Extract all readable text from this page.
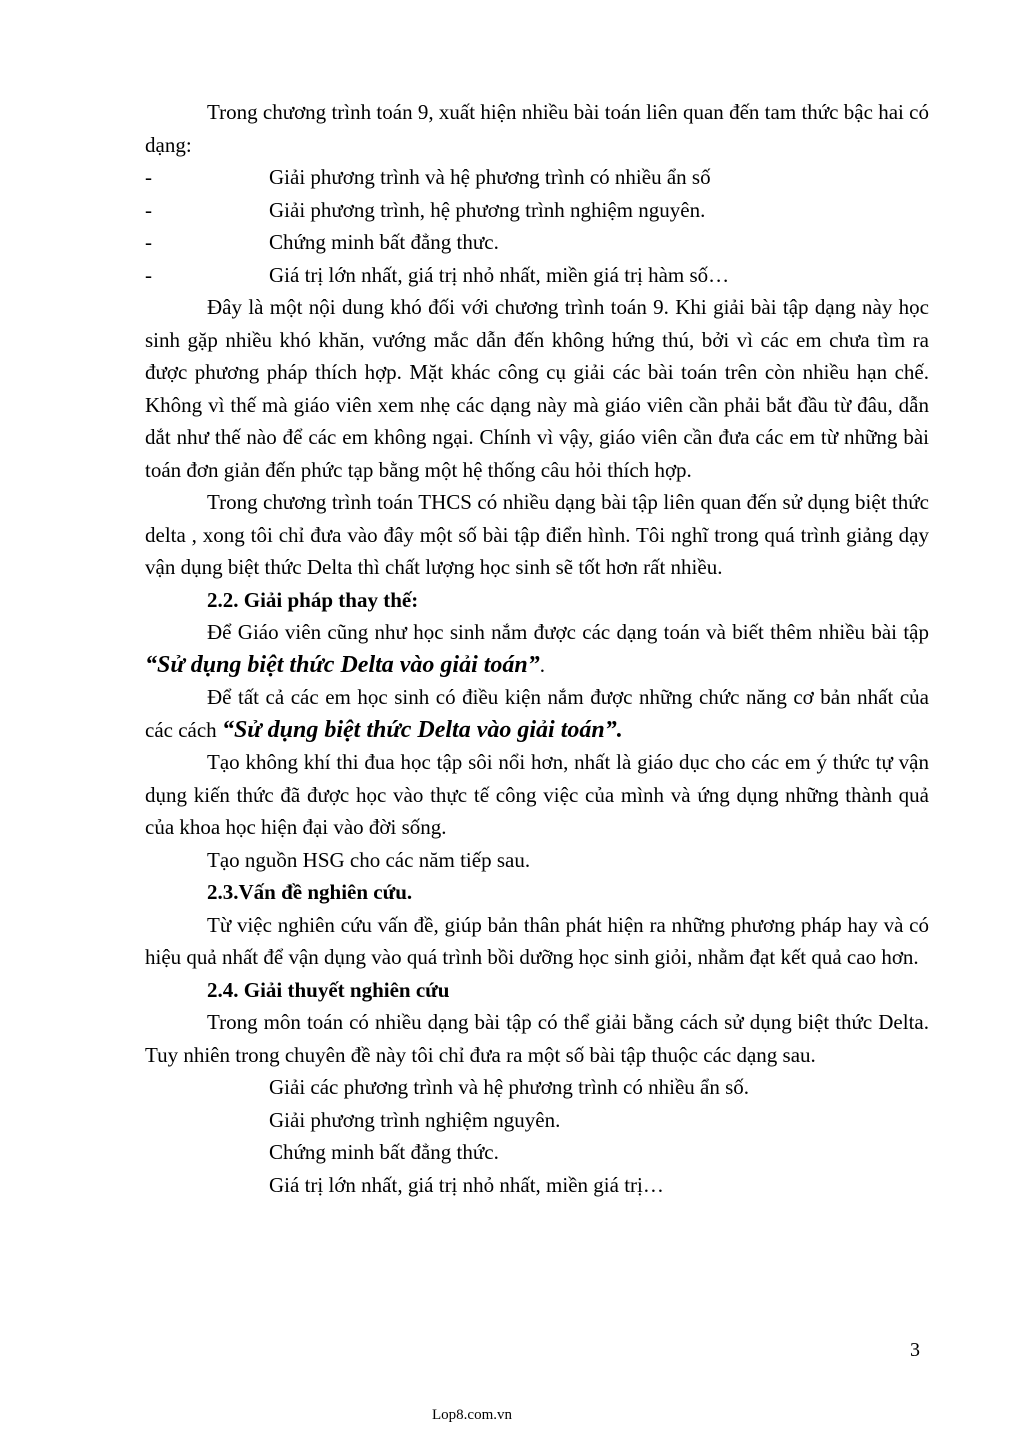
Trong chương trình toán 9, xuất hiện nhiều bài toán liên quan đến tam thức bậc hai có dạng:

-	Giải phương trình và hệ phương trình có nhiều ẩn số

-	Giải phương trình, hệ phương trình nghiệm nguyên.

-	Chứng minh bất đẳng thưc.

-	Giá trị lớn nhất, giá trị nhỏ nhất, miền giá trị hàm số…

Đây là một nội dung khó đối với chương trình toán 9. Khi giải bài tập dạng này học sinh gặp nhiều khó khăn, vướng mắc dẫn đến không hứng thú, bởi vì các em chưa tìm ra được phương pháp thích hợp. Mặt khác công cụ giải các bài toán trên còn nhiều hạn chế. Không vì thế mà giáo viên xem nhẹ các dạng này mà giáo viên cần phải bắt đầu từ đâu, dẫn dắt như thế nào để các em không ngại. Chính vì vậy, giáo viên cần đưa các em từ những bài toán đơn giản đến phức tạp bằng một hệ thống câu hỏi thích hợp.

Trong chương trình toán THCS có nhiều dạng bài tập liên quan đến sử dụng biệt thức delta , xong tôi chỉ đưa vào đây một số bài tập điển hình. Tôi nghĩ trong quá trình giảng dạy vận dụng biệt thức Delta thì chất lượng học sinh sẽ tốt hơn rất nhiều.

2.2. Giải pháp thay thế:

Để Giáo viên cũng như học sinh nắm được các dạng toán và biết thêm nhiều bài tập “Sử dụng biệt thức Delta vào giải toán”.

Để tất cả các em học sinh có điều kiện nắm được những chức năng cơ bản nhất của các cách “Sử dụng biệt thức Delta vào giải toán”.

Tạo không khí thi đua học tập sôi nổi hơn, nhất là giáo dục cho các em ý thức tự vận dụng kiến thức đã được học vào thực tế công việc của mình và ứng dụng những thành quả của khoa học hiện đại vào đời sống.

Tạo nguồn HSG cho các năm tiếp sau.

2.3.Vấn đề nghiên cứu.

Từ việc nghiên cứu vấn đề, giúp bản thân phát hiện ra những phương pháp hay và có hiệu quả nhất để vận dụng vào quá trình bồi dưỡng học sinh giỏi, nhằm đạt kết quả cao hơn.

2.4. Giải thuyết nghiên cứu

Trong môn toán có nhiều dạng bài tập có thể giải bằng cách sử dụng biệt thức Delta. Tuy nhiên trong chuyên đề này tôi chỉ đưa ra một số bài tập thuộc các dạng sau.

Giải các phương trình và hệ phương trình có nhiều ẩn số.

Giải phương trình nghiệm nguyên.

Chứng minh bất đẳng thức.

Giá trị lớn nhất, giá trị nhỏ nhất, miền giá trị…

3
Lop8.com.vn
